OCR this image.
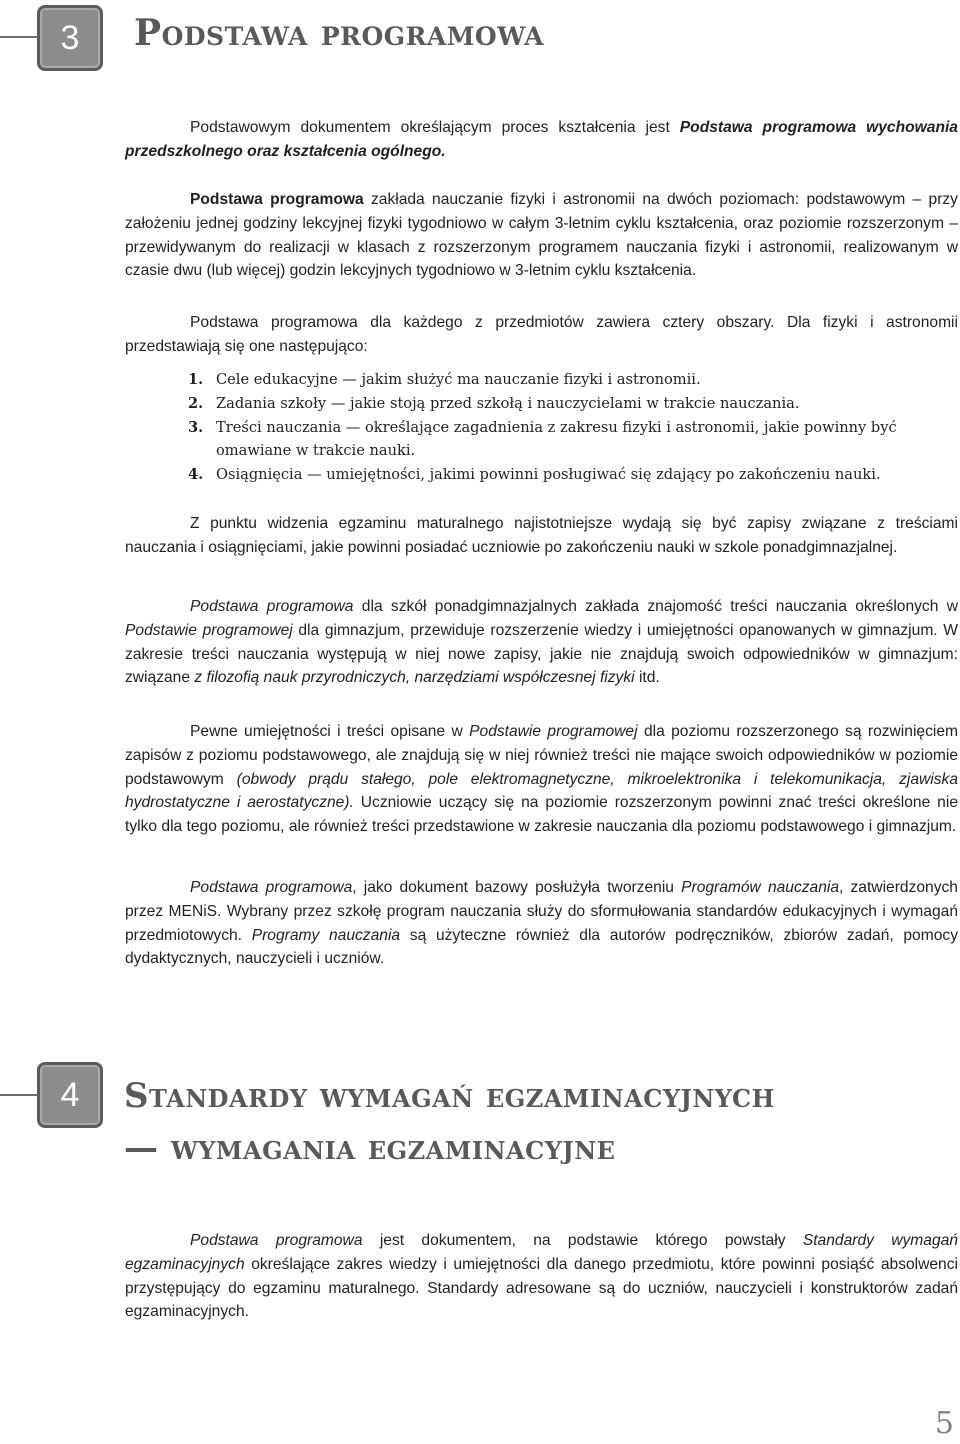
3	Podstawa programowa

Podstawowym dokumentem określającym proces kształcenia jest Podstawa programowa wychowania przedszkolnego oraz kształcenia ogólnego.

Podstawa programowa zakłada nauczanie fizyki i astronomii na dwóch poziomach: podstawowym – przy założeniu jednej godziny lekcyjnej fizyki tygodniowo w całym 3-letnim cyklu kształcenia, oraz poziomie rozszerzonym – przewidywanym do realizacji w klasach z rozszerzonym programem nauczania fizyki i astronomii, realizowanym w czasie dwu (lub więcej) godzin lekcyjnych tygodniowo w 3-letnim cyklu kształcenia.

Podstawa programowa dla każdego z przedmiotów zawiera cztery obszary. Dla fizyki i astronomii przedstawiają się one następująco:

1. Cele edukacyjne — jakim służyć ma nauczanie fizyki i astronomii.
2. Zadania szkoły — jakie stoją przed szkołą i nauczycielami w trakcie nauczania.
3. Treści nauczania — określające zagadnienia z zakresu fizyki i astronomii, jakie powinny być omawiane w trakcie nauki.
4. Osiągnięcia — umiejętności, jakimi powinni posługiwać się zdający po zakończeniu nauki.

Z punktu widzenia egzaminu maturalnego najistotniejsze wydają się być zapisy związane z treściami nauczania i osiągnięciami, jakie powinni posiadać uczniowie po zakończeniu nauki w szkole ponadgimnazjalnej.

Podstawa programowa dla szkół ponadgimnazjalnych zakłada znajomość treści nauczania określonych w Podstawie programowej dla gimnazjum, przewiduje rozszerzenie wiedzy i umiejętności opanowanych w gimnazjum. W zakresie treści nauczania występują w niej nowe zapisy, jakie nie znajdują swoich odpowiedników w gimnazjum: związane z filozofią nauk przyrodniczych, narzędziami współczesnej fizyki itd.

Pewne umiejętności i treści opisane w Podstawie programowej dla poziomu rozszerzonego są rozwinięciem zapisów z poziomu podstawowego, ale znajdują się w niej również treści nie mające swoich odpowiedników w poziomie podstawowym (obwody prądu stałego, pole elektromagnetyczne, mikroelektronika i telekomunikacja, zjawiska hydrostatyczne i aerostatyczne). Uczniowie uczący się na poziomie rozszerzonym powinni znać treści określone nie tylko dla tego poziomu, ale również treści przedstawione w zakresie nauczania dla poziomu podstawowego i gimnazjum.

Podstawa programowa, jako dokument bazowy posłużyła tworzeniu Programów nauczania, zatwierdzonych przez MENiS. Wybrany przez szkołę program nauczania służy do sformułowania standardów edukacyjnych i wymagań przedmiotowych. Programy nauczania są użyteczne również dla autorów podręczników, zbiorów zadań, pomocy dydaktycznych, nauczycieli i uczniów.

4	Standardy wymagań egzaminacyjnych
— wymagania egzaminacyjne

Podstawa programowa jest dokumentem, na podstawie którego powstały Standardy wymagań egzaminacyjnych określające zakres wiedzy i umiejętności dla danego przedmiotu, które powinni posiąść absolwenci przystępujący do egzaminu maturalnego. Standardy adresowane są do uczniów, nauczycieli i konstruktorów zadań egzaminacyjnych.

5
